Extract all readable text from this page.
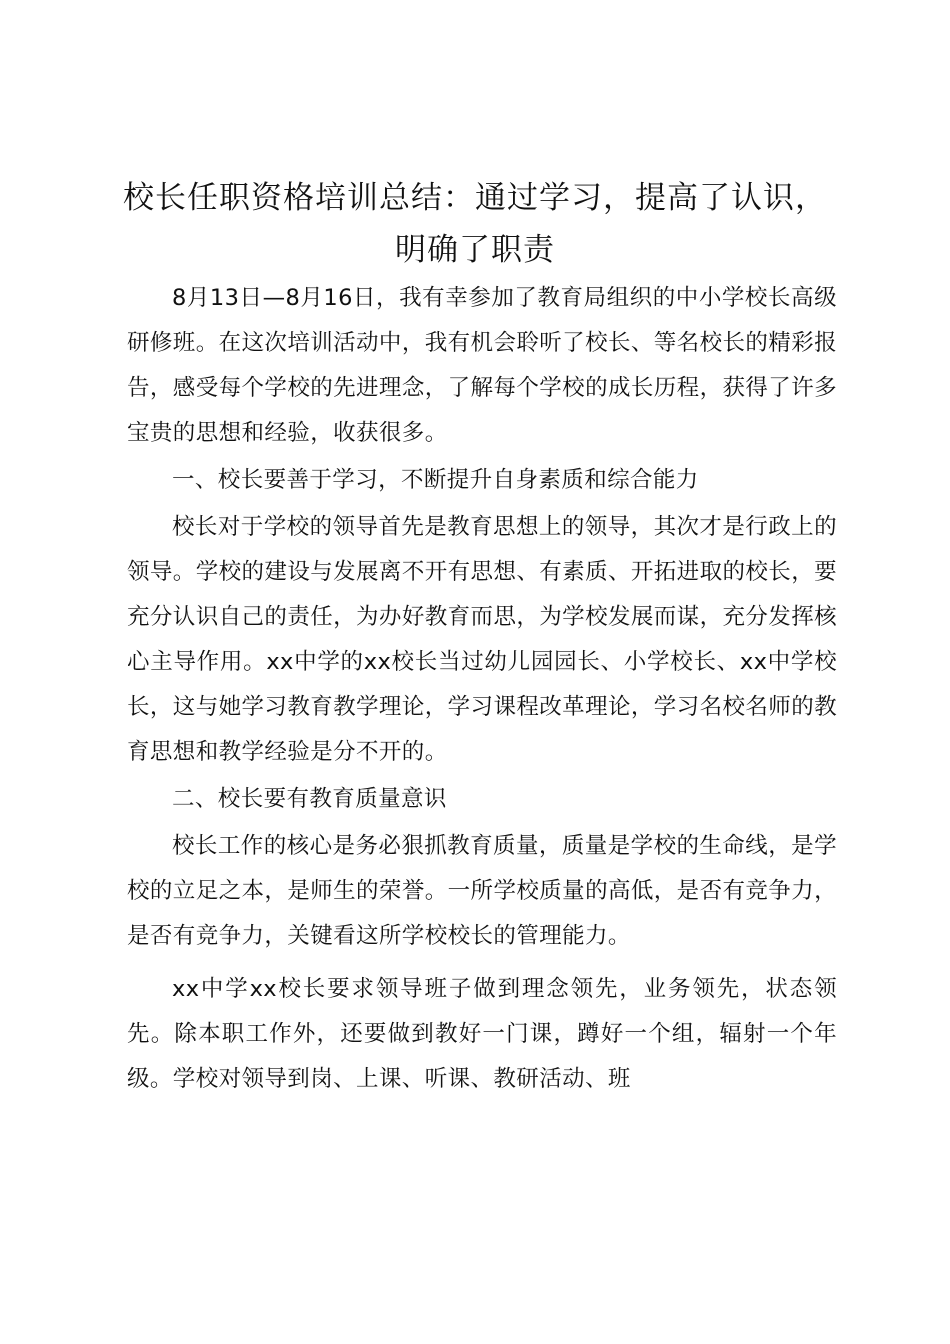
校长任职资格培训总结：通过学习，提高了认识，明确了职责

8月13日—8月16日，我有幸参加了教育局组织的中小学校长高级研修班。在这次培训活动中，我有机会聆听了校长、等名校长的精彩报告，感受每个学校的先进理念，了解每个学校的成长历程，获得了许多宝贵的思想和经验，收获很多。

一、校长要善于学习，不断提升自身素质和综合能力

校长对于学校的领导首先是教育思想上的领导，其次才是行政上的领导。学校的建设与发展离不开有思想、有素质、开拓进取的校长，要充分认识自己的责任，为办好教育而思，为学校发展而谋，充分发挥核心主导作用。xx中学的xx校长当过幼儿园园长、小学校长、xx中学校长，这与她学习教育教学理论，学习课程改革理论，学习名校名师的教育思想和教学经验是分不开的。

二、校长要有教育质量意识

校长工作的核心是务必狠抓教育质量，质量是学校的生命线，是学校的立足之本，是师生的荣誉。一所学校质量的高低，是否有竞争力，是否有竞争力，关键看这所学校校长的管理能力。

xx中学xx校长要求领导班子做到理念领先，业务领先，状态领先。除本职工作外，还要做到教好一门课，蹲好一个组，辐射一个年级。学校对领导到岗、上课、听课、教研活动、班
